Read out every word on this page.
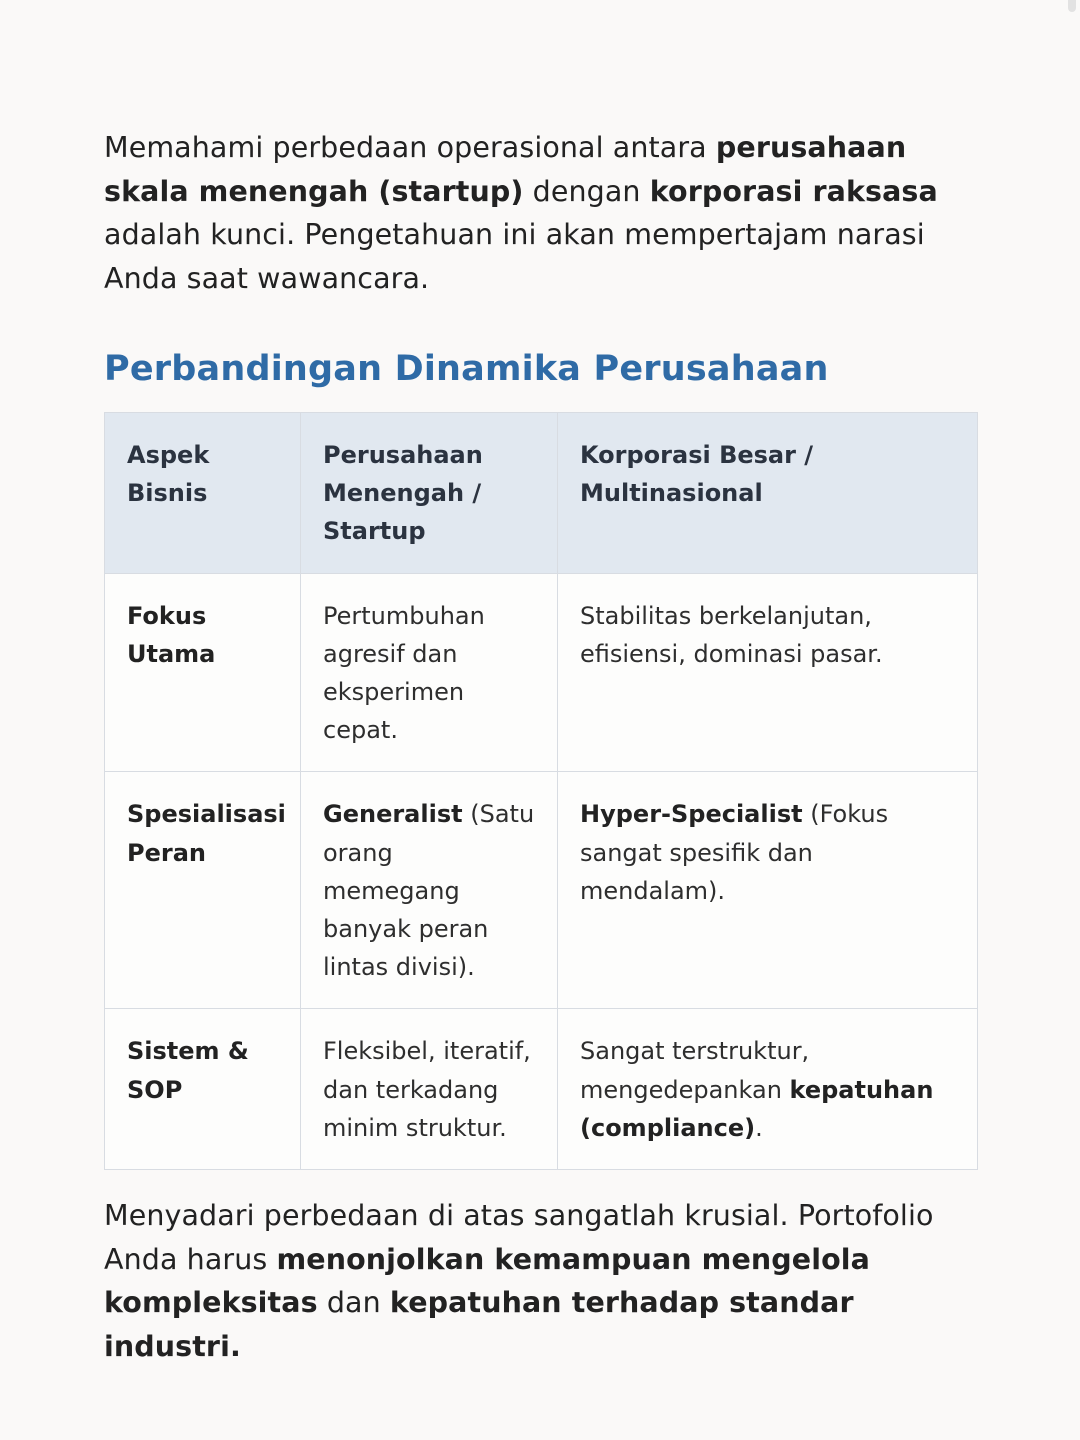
Memahami perbedaan operasional antara perusahaan skala menengah (startup) dengan korporasi raksasa adalah kunci. Pengetahuan ini akan mempertajam narasi Anda saat wawancara.

Perbandingan Dinamika Perusahaan
Aspek Bisnis	Perusahaan Menengah / Startup	Korporasi Besar / Multinasional
Fokus Utama	Pertumbuhan agresif dan eksperimen cepat.	Stabilitas berkelanjutan, efisiensi, dominasi pasar.
Spesialisasi Peran	Generalist (Satu orang memegang banyak peran lintas divisi).	Hyper-Specialist (Fokus sangat spesifik dan mendalam).
Sistem & SOP	Fleksibel, iteratif, dan terkadang minim struktur.	Sangat terstruktur, mengedepankan kepatuhan (compliance).

Menyadari perbedaan di atas sangatlah krusial. Portofolio Anda harus menonjolkan kemampuan mengelola kompleksitas dan kepatuhan terhadap standar industri.
